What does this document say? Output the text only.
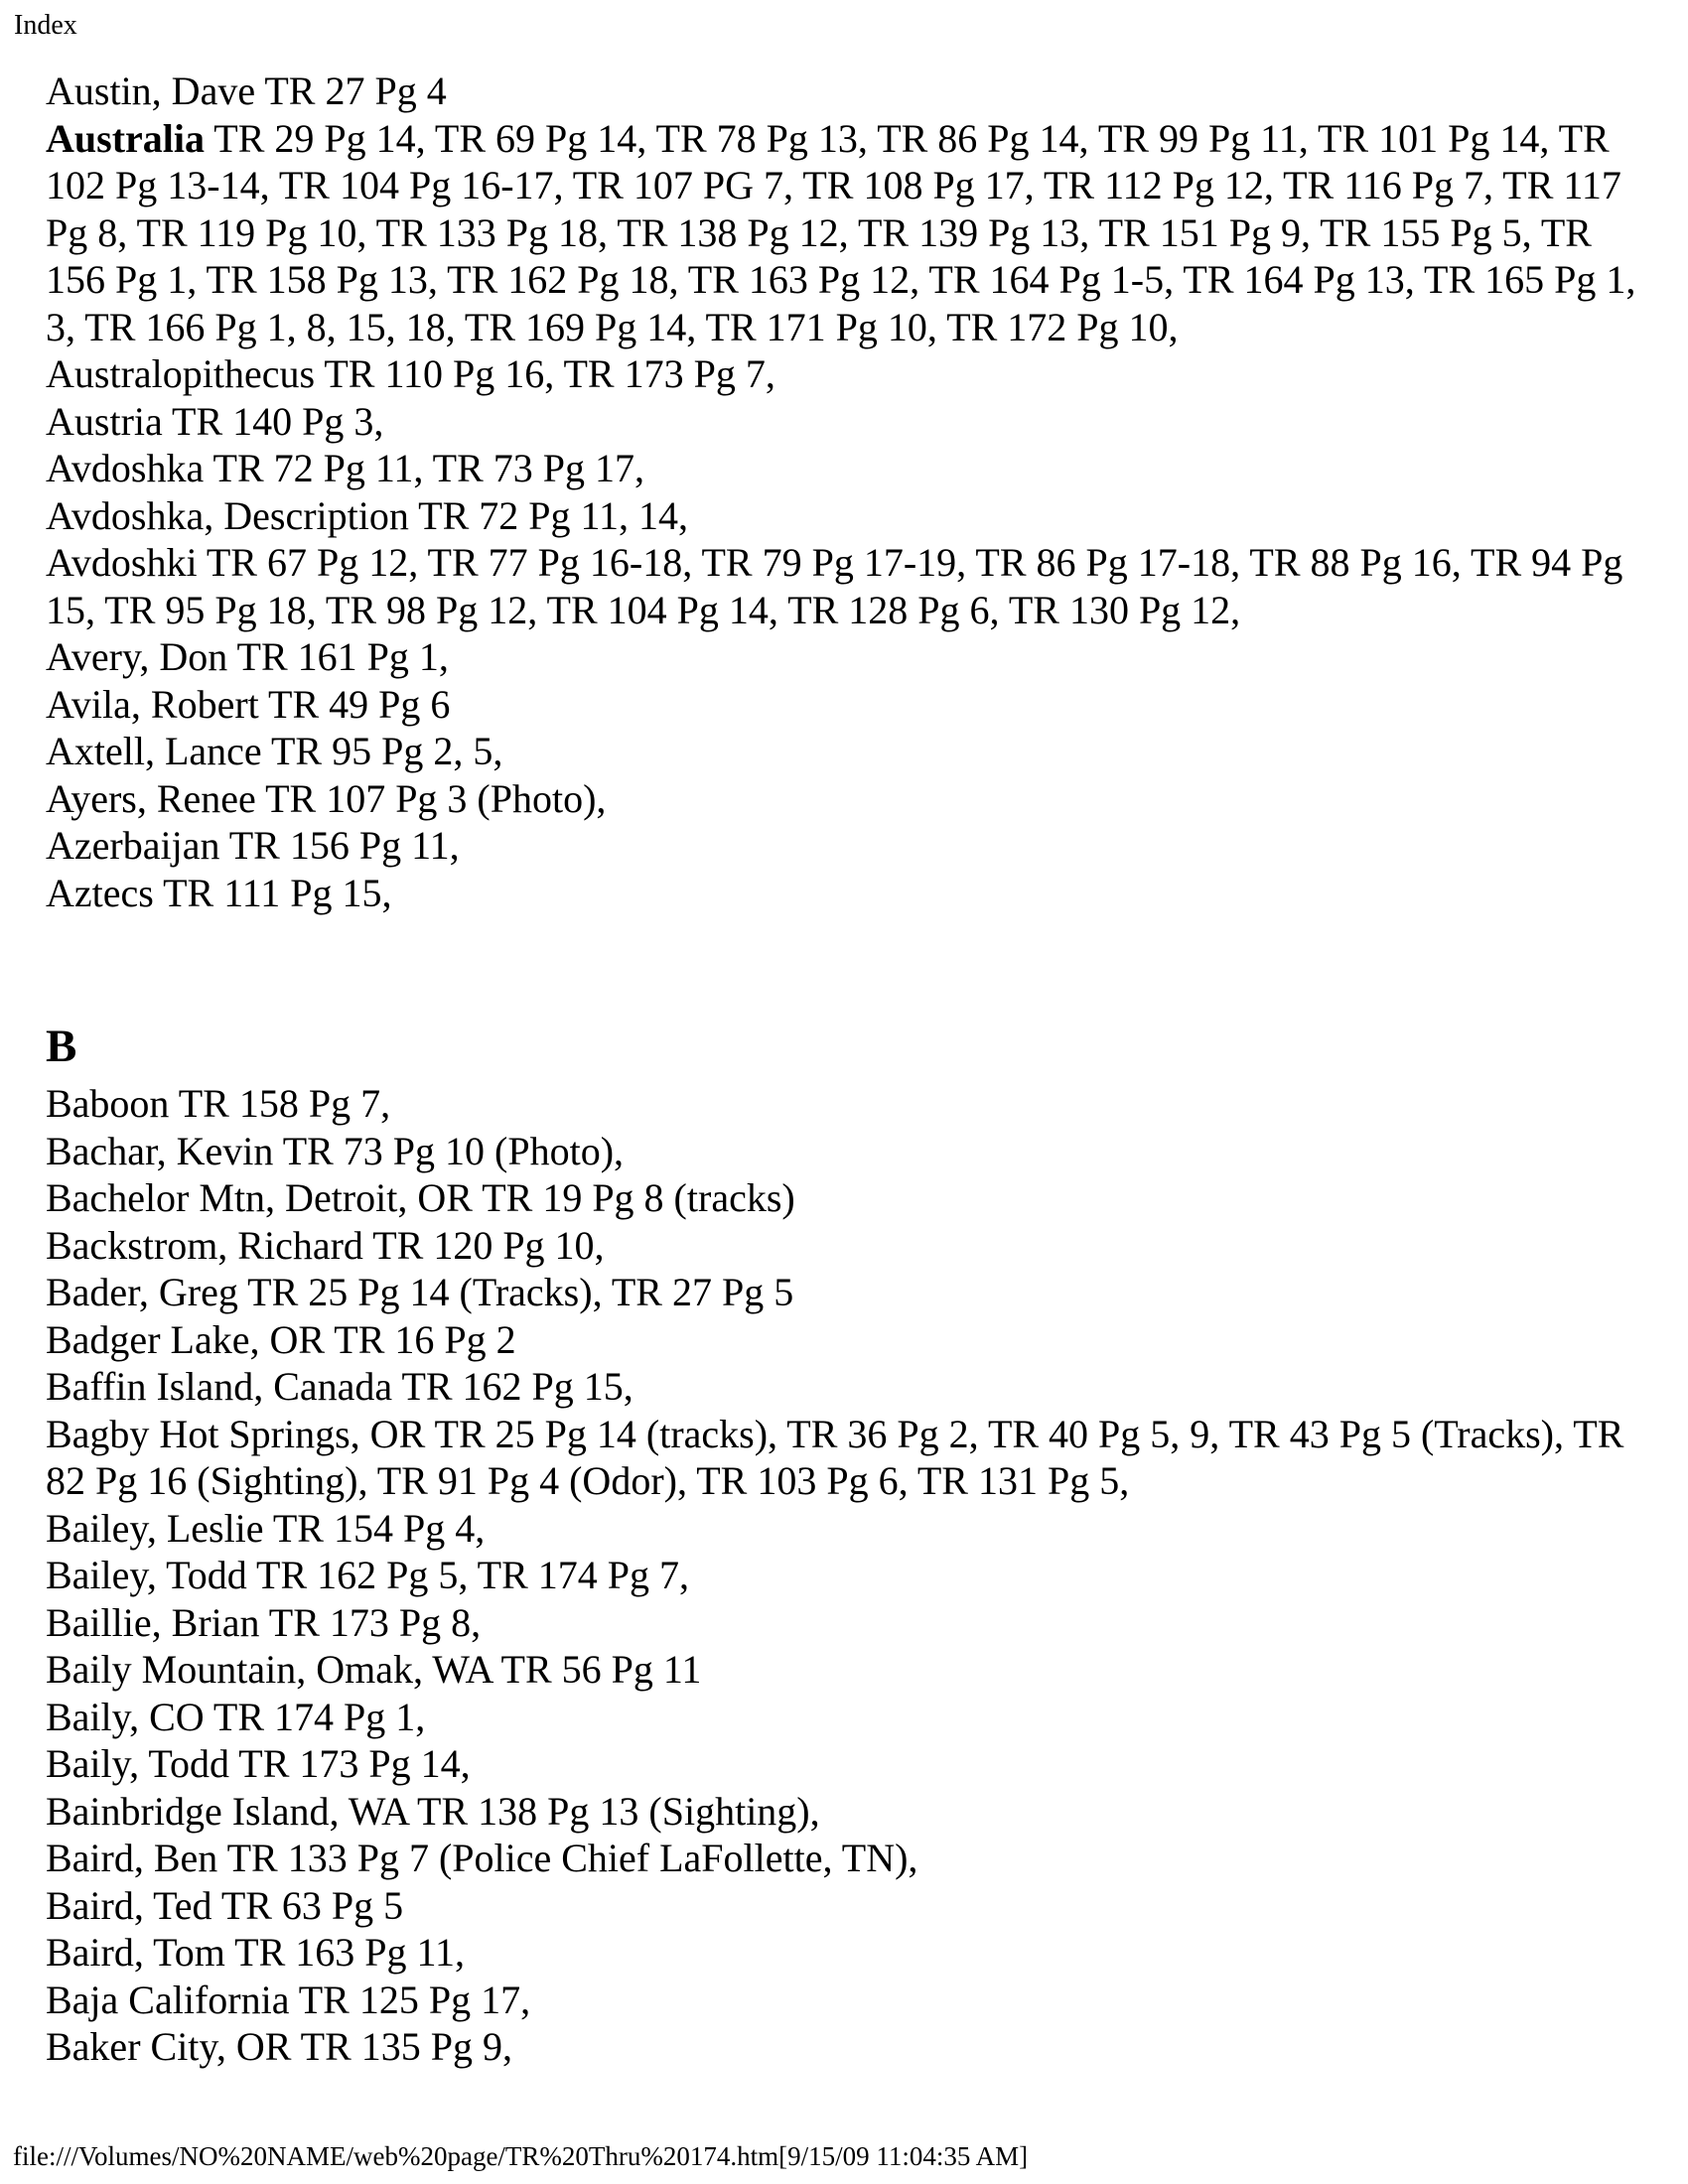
Index
Austin, Dave TR 27 Pg 4
Australia TR 29 Pg 14, TR 69 Pg 14, TR 78 Pg 13, TR 86 Pg 14, TR 99 Pg 11, TR 101 Pg 14, TR 102 Pg 13-14, TR 104 Pg 16-17, TR 107 PG 7, TR 108 Pg 17, TR 112 Pg 12, TR 116 Pg 7, TR 117 Pg 8, TR 119 Pg 10, TR 133 Pg 18, TR 138 Pg 12, TR 139 Pg 13, TR 151 Pg 9, TR 155 Pg 5, TR 156 Pg 1, TR 158 Pg 13, TR 162 Pg 18, TR 163 Pg 12, TR 164 Pg 1-5, TR 164 Pg 13, TR 165 Pg 1, 3, TR 166 Pg 1, 8, 15, 18, TR 169 Pg 14, TR 171 Pg 10, TR 172 Pg 10,
Australopithecus TR 110 Pg 16, TR 173 Pg 7,
Austria TR 140 Pg 3,
Avdoshka TR 72 Pg 11, TR 73 Pg 17,
Avdoshka, Description TR 72 Pg 11, 14,
Avdoshki TR 67 Pg 12, TR 77 Pg 16-18, TR 79 Pg 17-19, TR 86 Pg 17-18, TR 88 Pg 16, TR 94 Pg 15, TR 95 Pg 18, TR 98 Pg 12, TR 104 Pg 14, TR 128 Pg 6, TR 130 Pg 12,
Avery, Don TR 161 Pg 1,
Avila, Robert TR 49 Pg 6
Axtell, Lance TR 95 Pg 2, 5,
Ayers, Renee TR 107 Pg 3 (Photo),
Azerbaijan TR 156 Pg 11,
Aztecs TR 111 Pg 15,
B
Baboon TR 158 Pg 7,
Bachar, Kevin TR 73 Pg 10 (Photo),
Bachelor Mtn, Detroit, OR TR 19 Pg 8 (tracks)
Backstrom, Richard TR 120 Pg 10,
Bader, Greg TR 25 Pg 14 (Tracks), TR 27 Pg 5
Badger Lake, OR TR 16 Pg 2
Baffin Island, Canada TR 162 Pg 15,
Bagby Hot Springs, OR TR 25 Pg 14 (tracks), TR 36 Pg 2, TR 40 Pg 5, 9, TR 43 Pg 5 (Tracks), TR 82 Pg 16 (Sighting), TR 91 Pg 4 (Odor), TR 103 Pg 6, TR 131 Pg 5,
Bailey, Leslie TR 154 Pg 4,
Bailey, Todd TR 162 Pg 5, TR 174 Pg 7,
Baillie, Brian TR 173 Pg 8,
Baily Mountain, Omak, WA TR 56 Pg 11
Baily, CO TR 174 Pg 1,
Baily, Todd TR 173 Pg 14,
Bainbridge Island, WA TR 138 Pg 13 (Sighting),
Baird, Ben TR 133 Pg 7 (Police Chief LaFollette, TN),
Baird, Ted TR 63 Pg 5
Baird, Tom TR 163 Pg 11,
Baja California TR 125 Pg 17,
Baker City, OR TR 135 Pg 9,
file:///Volumes/NO%20NAME/web%20page/TR%20Thru%20174.htm[9/15/09 11:04:35 AM]
